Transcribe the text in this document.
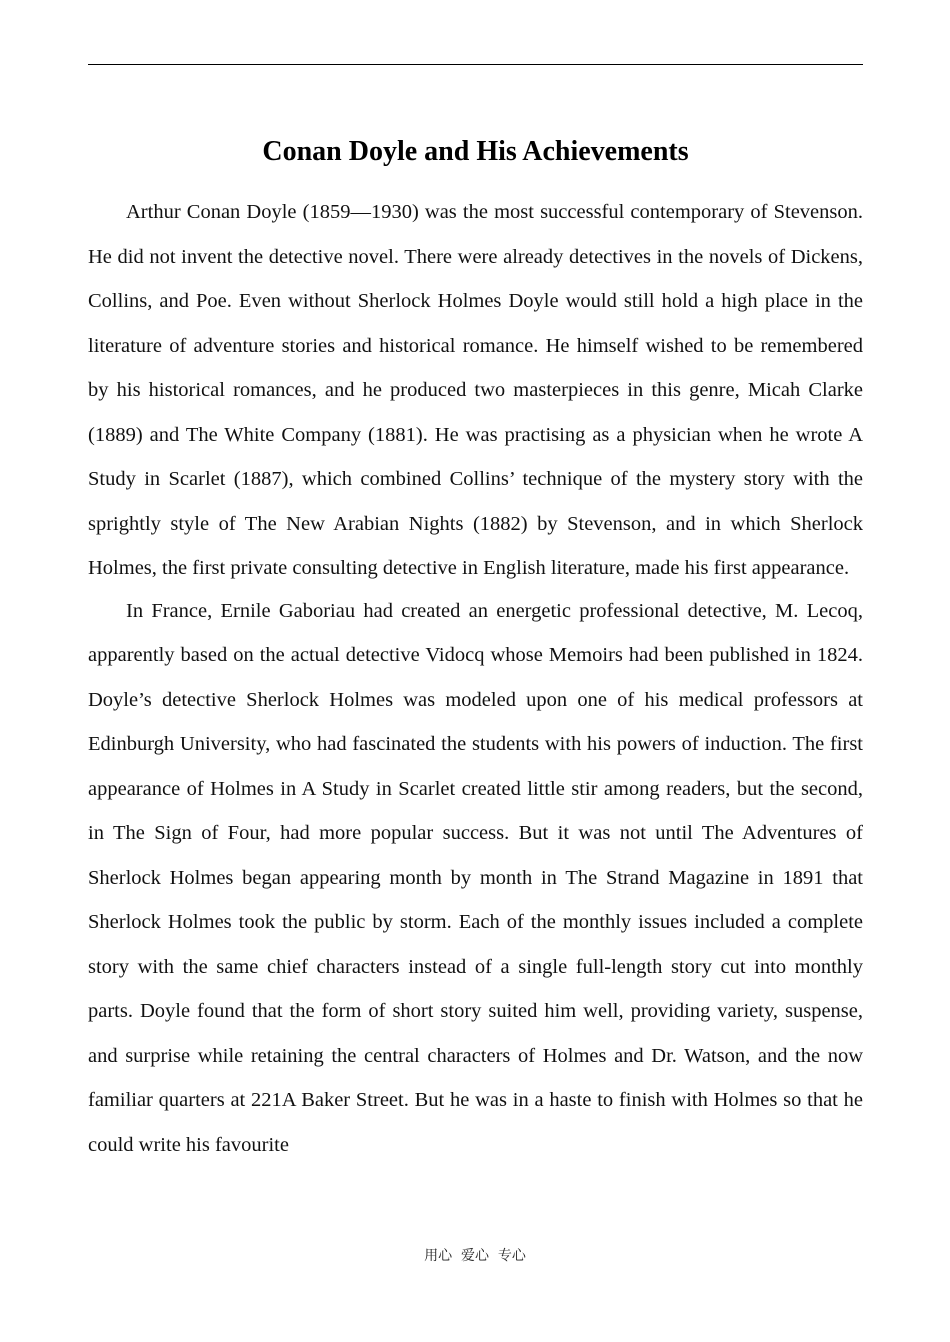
Conan Doyle and His Achievements

Arthur Conan Doyle (1859—1930) was the most successful contemporary of Stevenson. He did not invent the detective novel. There were already detectives in the novels of Dickens, Collins, and Poe. Even without Sherlock Holmes Doyle would still hold a high place in the literature of adventure stories and historical romance. He himself wished to be remembered by his historical romances, and he produced two masterpieces in this genre, Micah Clarke (1889) and The White Company (1881). He was practising as a physician when he wrote A Study in Scarlet (1887), which combined Collins’ technique of the mystery story with the sprightly style of The New Arabian Nights (1882) by Stevenson, and in which Sherlock Holmes, the first private consulting detective in English literature, made his first appearance.

In France, Ernile Gaboriau had created an energetic professional detective, M. Lecoq, apparently based on the actual detective Vidocq whose Memoirs had been published in 1824. Doyle’s detective Sherlock Holmes was modeled upon one of his medical professors at Edinburgh University, who had fascinated the students with his powers of induction. The first appearance of Holmes in A Study in Scarlet created little stir among readers, but the second, in The Sign of Four, had more popular success. But it was not until The Adventures of Sherlock Holmes began appearing month by month in The Strand Magazine in 1891 that Sherlock Holmes took the public by storm. Each of the monthly issues included a complete story with the same chief characters instead of a single full-length story cut into monthly parts. Doyle found that the form of short story suited him well, providing variety, suspense, and surprise while retaining the central characters of Holmes and Dr. Watson, and the now familiar quarters at 221A Baker Street. But he was in a haste to finish with Holmes so that he could write his favourite

用心  爱心  专心
